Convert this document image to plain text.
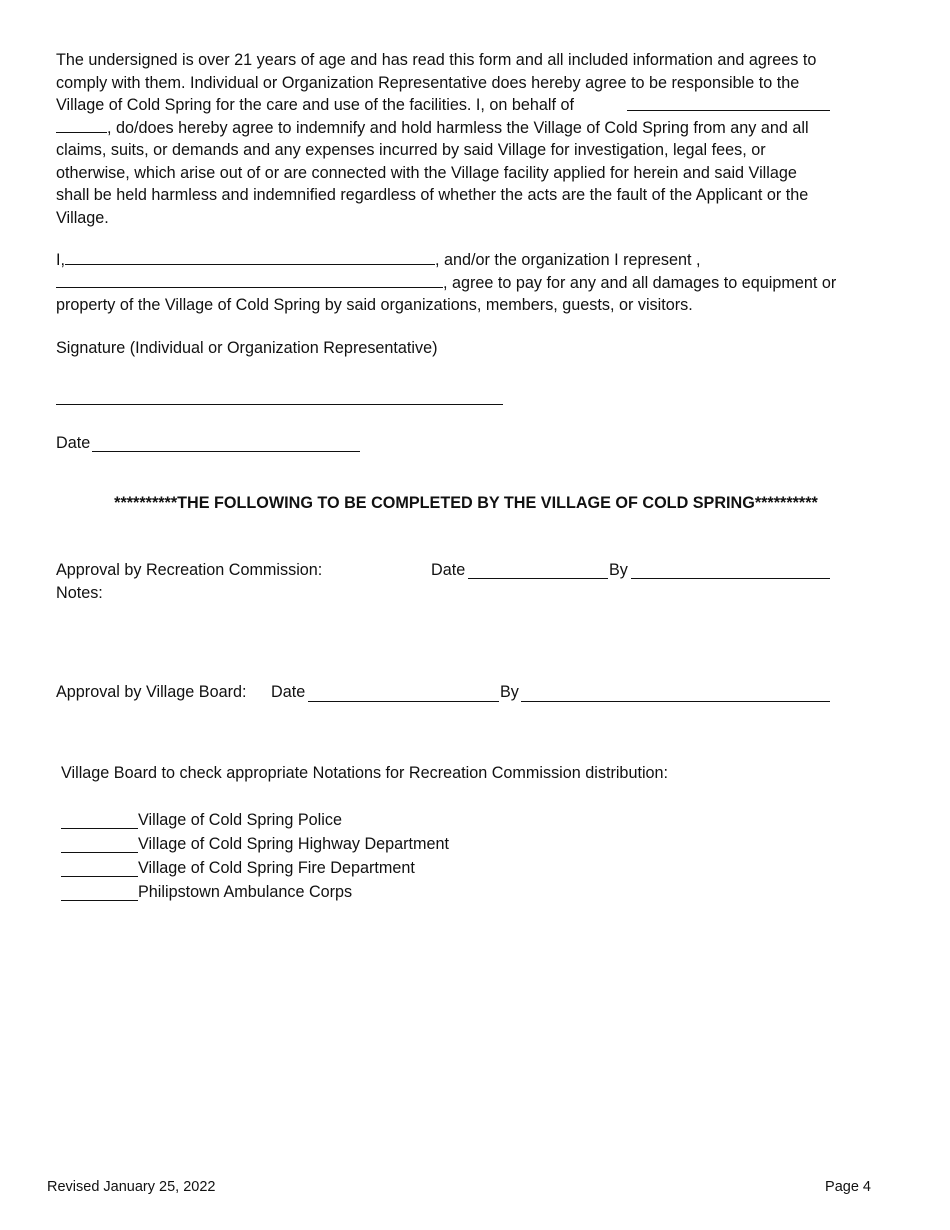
The undersigned is over 21 years of age and has read this form and all included information and agrees to

comply with them. Individual or Organization Representative does hereby agree to be responsible to the

Village of Cold Spring for the care and use of the facilities. I, on behalf of

, do/does hereby agree to indemnify and hold harmless the Village of Cold Spring from any and all

claims, suits, or demands and any expenses incurred by said Village for investigation, legal fees, or

otherwise, which arise out of or are connected with the Village facility applied for herein and said Village

shall be held harmless and indemnified regardless of whether the acts are the fault of the Applicant or the

Village.

I,	, and/or the organization I represent ,

, agree to pay for any and all damages to equipment or

property of the Village of Cold Spring by said organizations, members, guests, or visitors.

Signature (Individual or Organization Representative)
Date
**********THE FOLLOWING TO BE COMPLETED BY THE VILLAGE OF COLD SPRING**********
Approval by Recreation Commission:	Date	By
Notes:
Approval by Village Board: Date	By
Village Board to check appropriate Notations for Recreation Commission distribution:
Village of Cold Spring Police
Village of Cold Spring Highway Department
Village of Cold Spring Fire Department
Philipstown Ambulance Corps
Revised January 25, 2022	Page 4
